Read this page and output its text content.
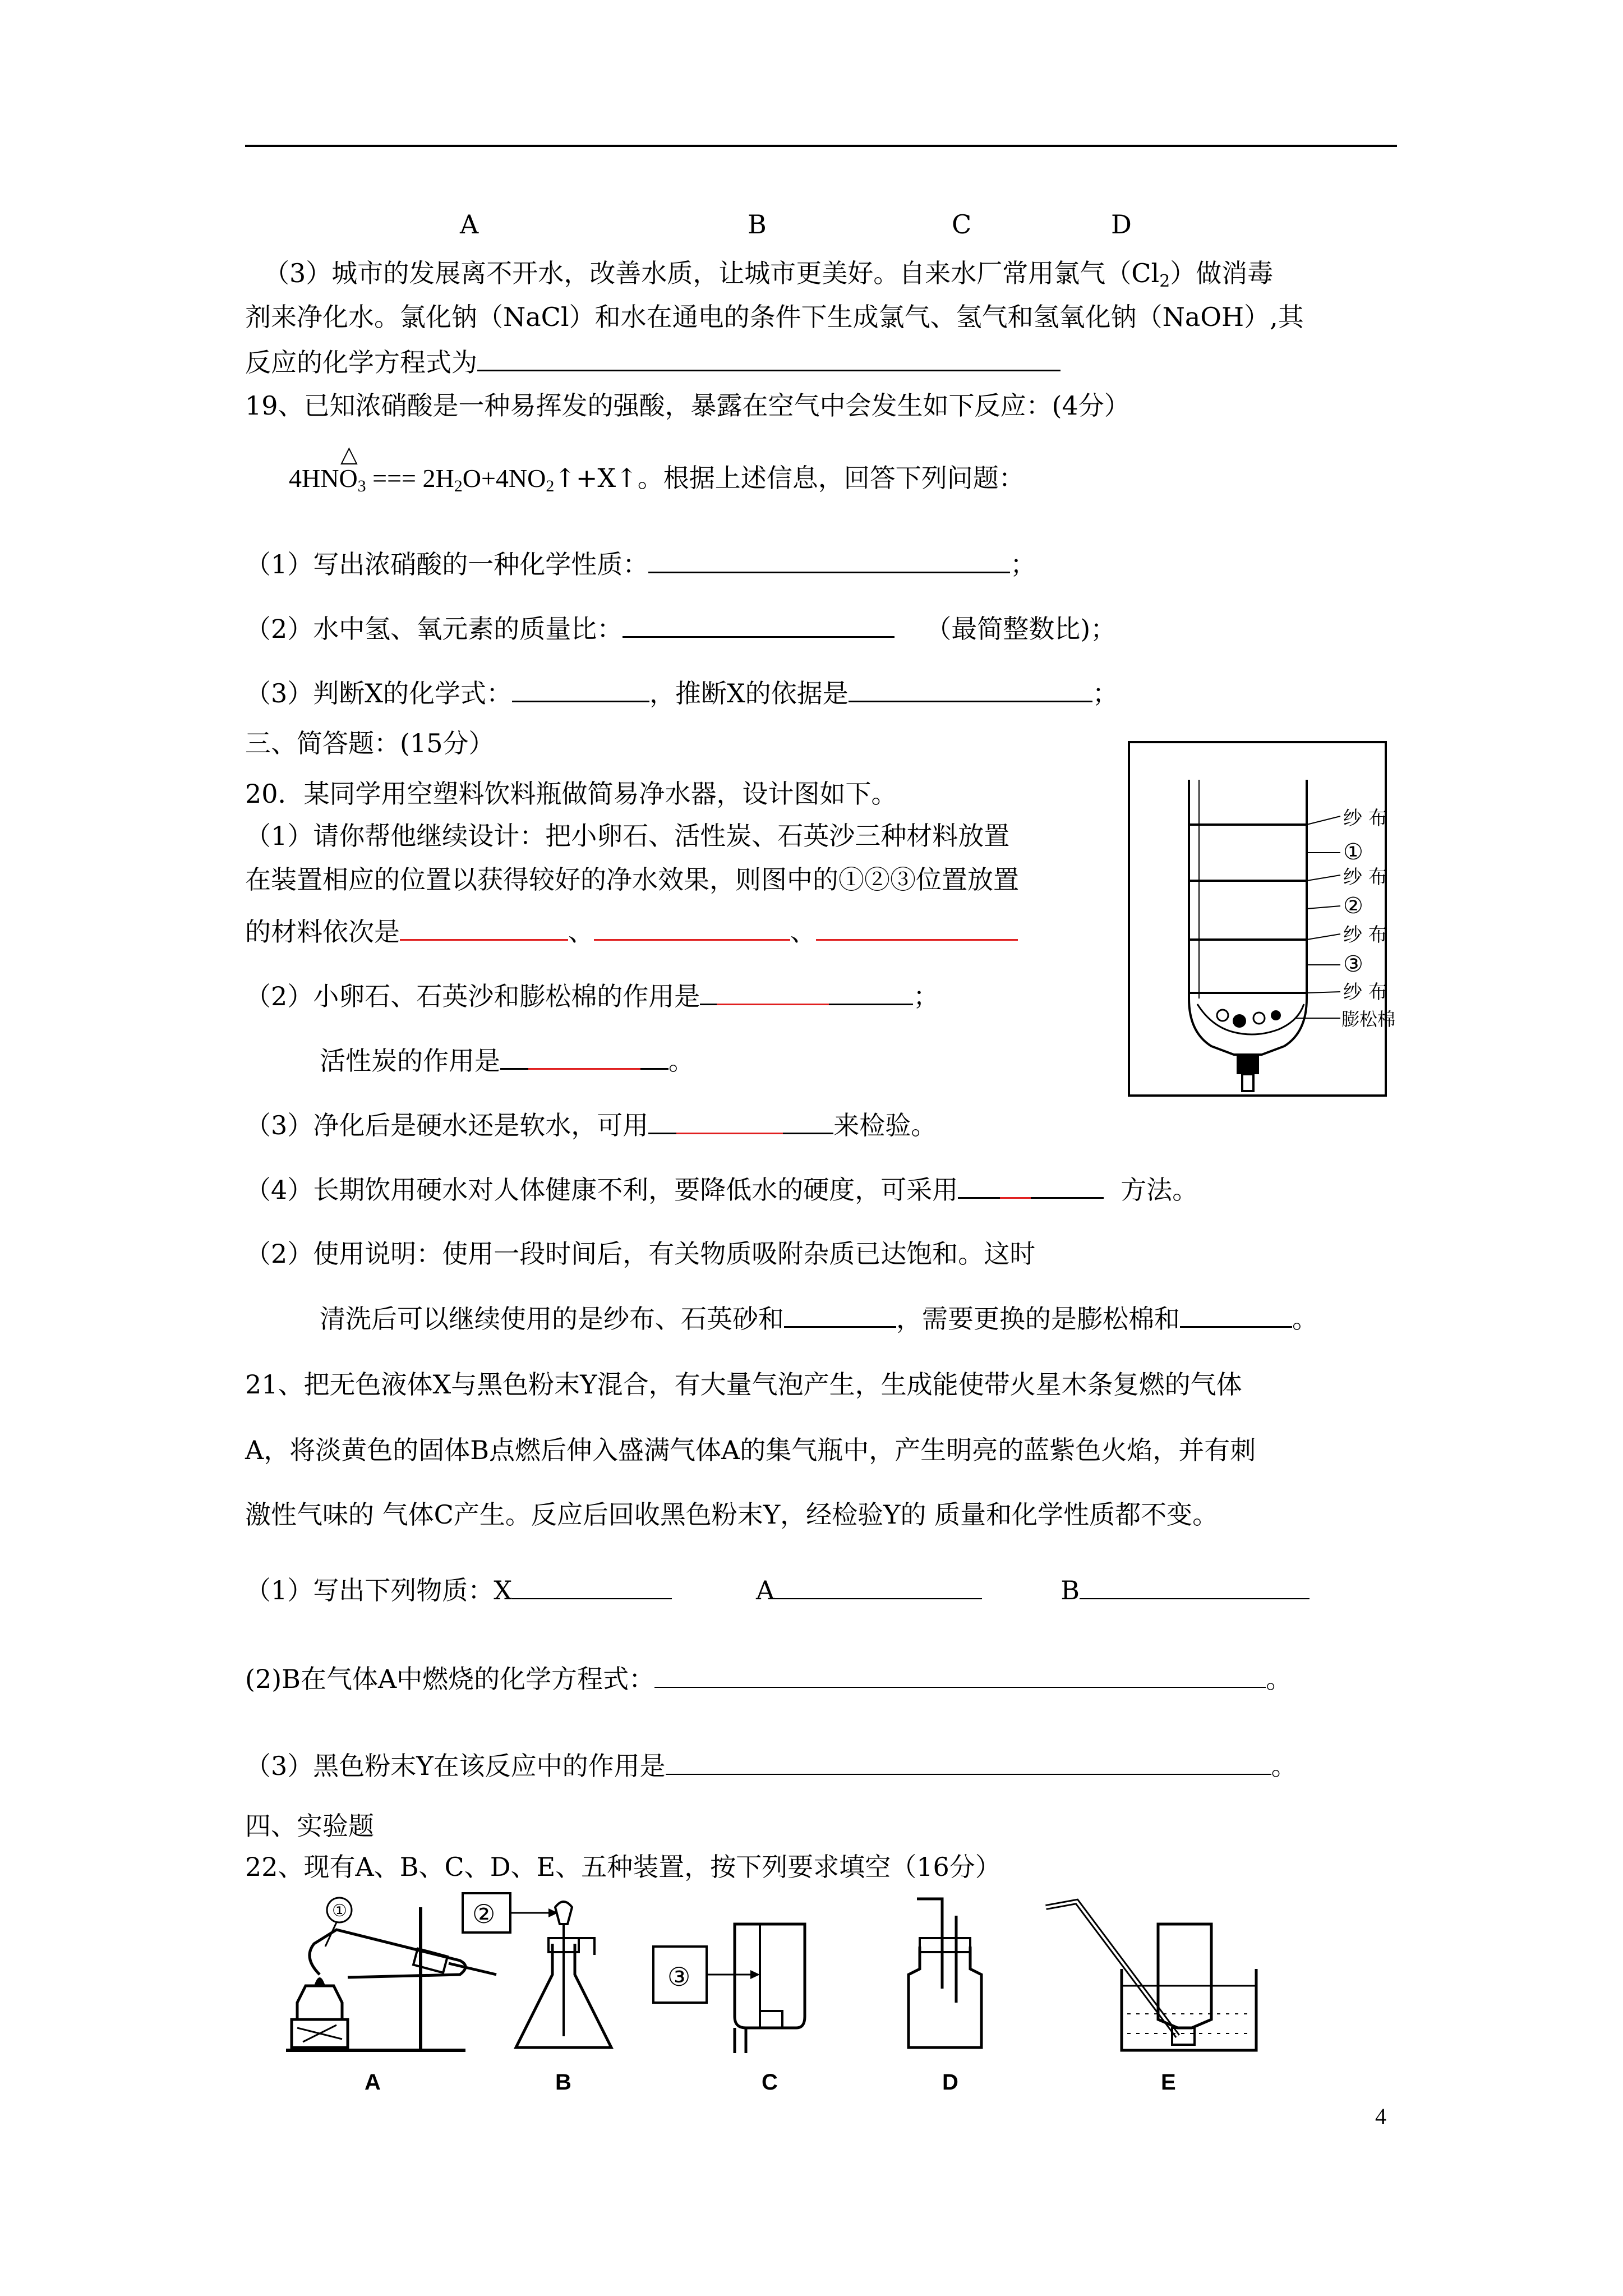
A	B	C	D
（3）城市的发展离不开水，改善水质，让城市更美好。自来水厂常用氯气$(Cl_2)$做消毒
剂来净化水。氯化钠（NaCl）和水在通电的条件下生成氯气、氢气和氢氧化钠（NaOH）,其
反应的化学方程式为
19、已知浓硝酸是一种易挥发的强酸，暴露在空气中会发生如下反应：(4分）
△
$4HNO_3$ === $2H_2O+4NO_2↑+X↑$。根据上述信息，回答下列问题：
（1）写出浓硝酸的一种化学性质：	；
（2）水中氢、氧元素的质量比：	（最简整数比)；
（3）判断X的化学式：	，推断X的依据是	；
三、简答题：(15分）
20．某同学用空塑料饮料瓶做简易净水器，设计图如下。
（1）请你帮他继续设计：把小卵石、活性炭、石英沙三种材料放置
在装置相应的位置以获得较好的净水效果，则图中的①②③位置放置
的材料依次是	、	、
（2）小卵石、石英沙和膨松棉的作用是	；
活性炭的作用是	。
（3）净化后是硬水还是软水，可用	来检验。
（4）长期饮用硬水对人体健康不利，要降低水的硬度，可采用	方法。
（2）使用说明：使用一段时间后，有关物质吸附杂质已达饱和。这时
清洗后可以继续使用的是纱布、石英砂和	，需要更换的是膨松棉和	。
纱 布
①
纱 布
②
纱 布
③
纱 布
膨松棉
21、把无色液体X与黑色粉末Y混合，有大量气泡产生，生成能使带火星木条复燃的气体
A，将淡黄色的固体B点燃后伸入盛满气体A的集气瓶中，产生明亮的蓝紫色火焰，并有刺
激性气味的 气体C产生。反应后回收黑色粉末Y，经检验Y的 质量和化学性质都不变。
（1）写出下列物质：X	A	B
(2)B在气体A中燃烧的化学方程式：	。
（3）黑色粉末Y在该反应中的作用是	。
四、实验题
22、现有A、B、C、D、E、五种装置，按下列要求填空（16分）
①
A
②
B
③
C	D	E
4
